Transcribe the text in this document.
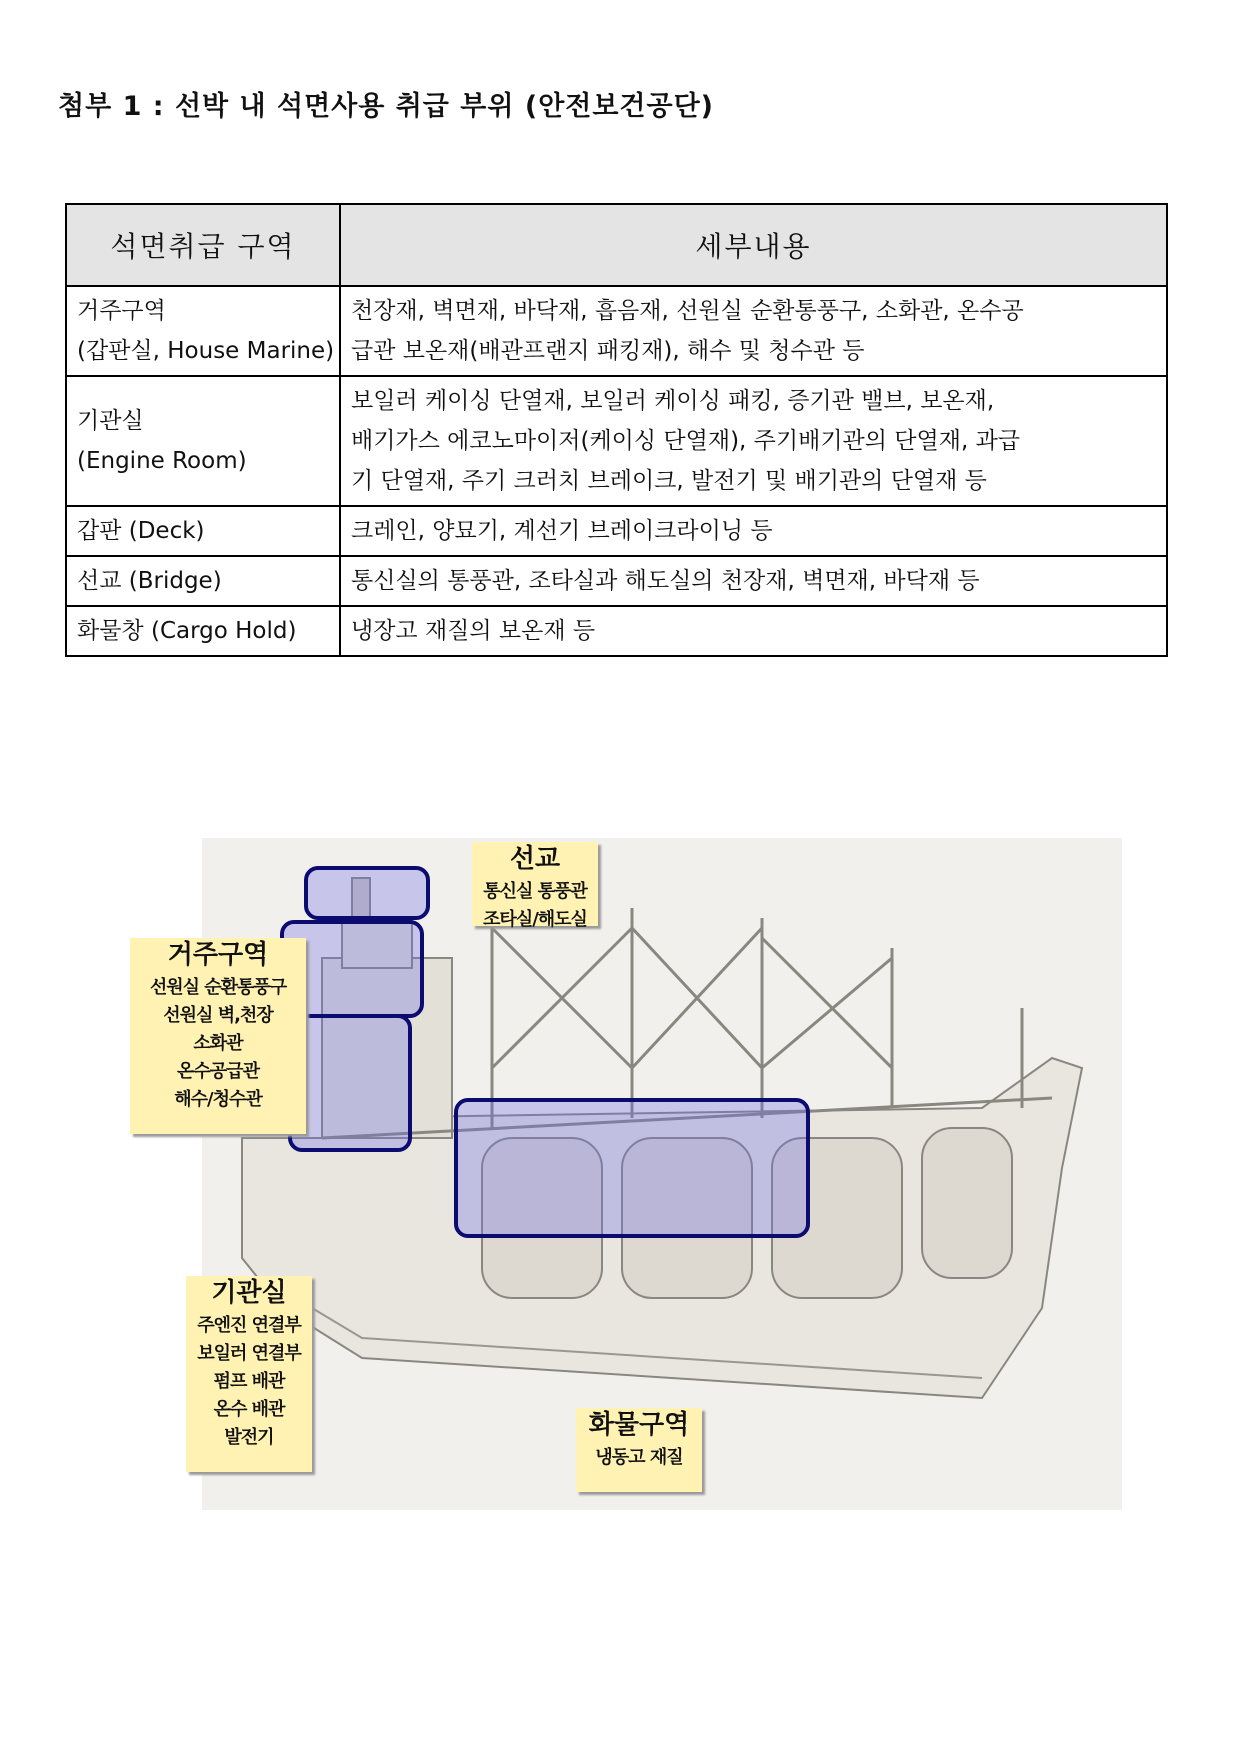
첨부 1 : 선박 내 석면사용 취급 부위 (안전보건공단)
석면취급 구역	세부내용

거주구역
(갑판실, House Marine)	천장재, 벽면재, 바닥재, 흡음재, 선원실 순환통풍구, 소화관, 온수공
급관 보온재(배관프랜지 패킹재), 해수 및 청수관 등

기관실
(Engine Room)	보일러 케이싱 단열재, 보일러 케이싱 패킹, 증기관 밸브, 보온재,
배기가스 에코노마이저(케이싱 단열재), 주기배기관의 단열재, 과급
기 단열재, 주기 크러치 브레이크, 발전기 및 배기관의 단열재 등

갑판 (Deck)	크레인, 양묘기, 계선기 브레이크라이닝 등

선교 (Bridge)	통신실의 통풍관, 조타실과 해도실의 천장재, 벽면재, 바닥재 등

화물창 (Cargo Hold)	냉장고 재질의 보온재 등
선교
통신실 통풍관
조타실/해도실
거주구역
선원실 순환통풍구
선원실 벽,천장
소화관
온수공급관
해수/청수관
기관실
주엔진 연결부
보일러 연결부
펌프 배관
온수 배관
발전기	화물구역
냉동고 재질
